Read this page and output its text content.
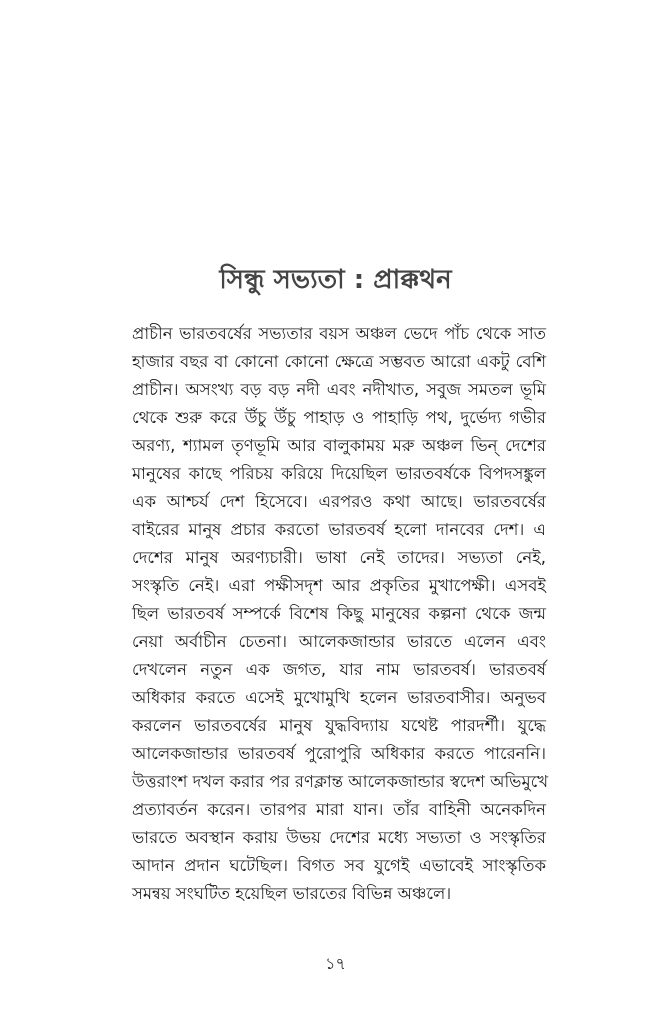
সিন্ধু সভ্যতা : প্রাক্কথন
প্রাচীন ভারতবর্ষের সভ্যতার বয়স অঞ্চল ভেদে পাঁচ থেকে সাত
হাজার বছর বা কোনো কোনো ক্ষেত্রে সম্ভবত আরো একটু বেশি
প্রাচীন। অসংখ্য বড় বড় নদী এবং নদীখাত, সবুজ সমতল ভূমি
থেকে শুরু করে উঁচু উঁচু পাহাড় ও পাহাড়ি পথ, দুর্ভেদ্য গভীর
অরণ্য, শ্যামল তৃণভূমি আর বালুকাময় মরু অঞ্চল ভিন্ দেশের
মানুষের কাছে পরিচয় করিয়ে দিয়েছিল ভারতবর্ষকে বিপদসঙ্কুল
এক আশ্চর্য দেশ হিসেবে। এরপরও কথা আছে। ভারতবর্ষের
বাইরের মানুষ প্রচার করতো ভারতবর্ষ হলো দানবের দেশ। এ
দেশের মানুষ অরণ্যচারী। ভাষা নেই তাদের। সভ্যতা নেই,
সংস্কৃতি নেই। এরা পক্ষীসদৃশ আর প্রকৃতির মুখাপেক্ষী। এসবই
ছিল ভারতবর্ষ সম্পর্কে বিশেষ কিছু মানুষের কল্পনা থেকে জন্ম
নেয়া অর্বাচীন চেতনা। আলেকজান্ডার ভারতে এলেন এবং
দেখলেন নতুন এক জগত, যার নাম ভারতবর্ষ। ভারতবর্ষ
অধিকার করতে এসেই মুখোমুখি হলেন ভারতবাসীর। অনুভব
করলেন ভারতবর্ষের মানুষ যুদ্ধবিদ্যায় যথেষ্ট পারদর্শী। যুদ্ধে
আলেকজান্ডার ভারতবর্ষ পুরোপুরি অধিকার করতে পারেননি।
উত্তরাংশ দখল করার পর রণক্লান্ত আলেকজান্ডার স্বদেশ অভিমুখে
প্রত্যাবর্তন করেন। তারপর মারা যান। তাঁর বাহিনী অনেকদিন
ভারতে অবস্থান করায় উভয় দেশের মধ্যে সভ্যতা ও সংস্কৃতির
আদান প্রদান ঘটেছিল। বিগত সব যুগেই এভাবেই সাংস্কৃতিক
সমন্বয় সংঘটিত হয়েছিল ভারতের বিভিন্ন অঞ্চলে।
১৭
